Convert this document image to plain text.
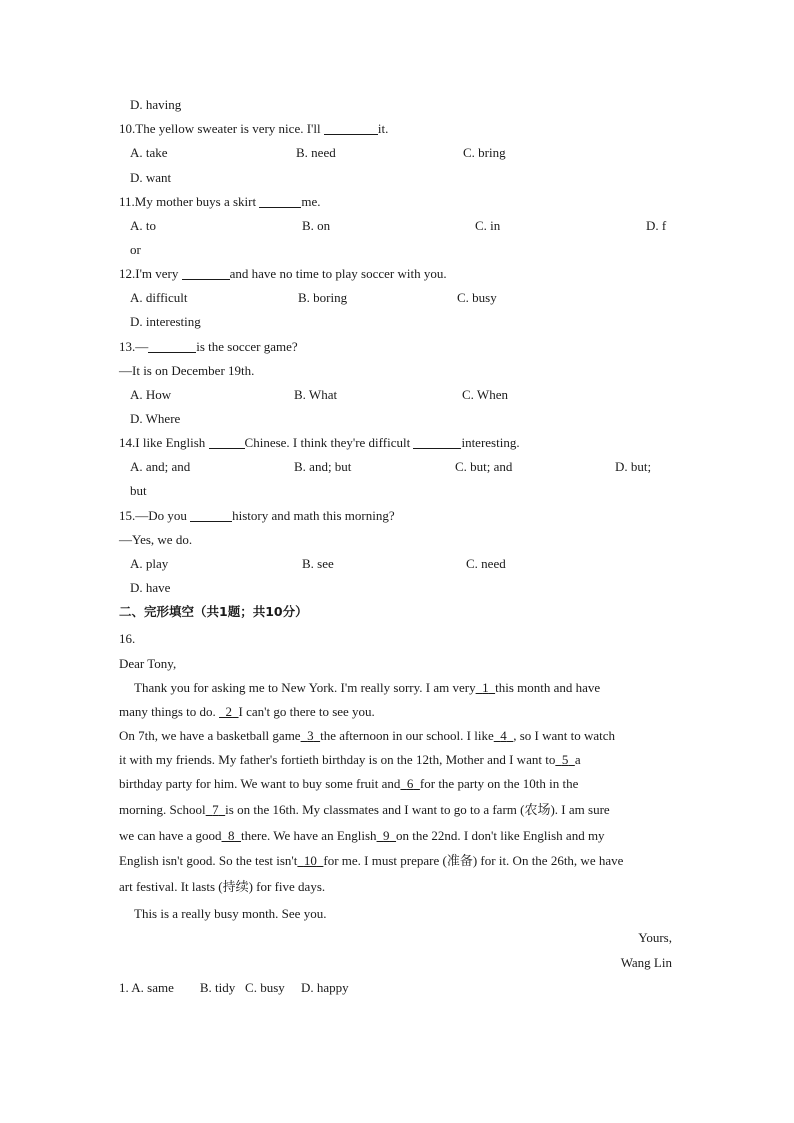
D. having
10.The yellow sweater is very nice. I'll	it.
A. take	B. need	C. bring
D. want
11.My mother buys a skirt	me.
A. to	B. on	C. in	D. f
or
12.I'm very	and have no time to play soccer with you.
A. difficult	B. boring	C. busy
D. interesting
13.—	is the soccer game?
—It is on December 19th.
A. How	B. What	C. When
D. Where
14.I like English	Chinese. I think they're difficult	interesting.
A. and; and	B. and; but	C. but; and	D. but;
but
15.—Do you	history and math this morning?
—Yes, we do.
A. play	B. see	C. need
D. have
二、完形填空（共1题；共10分）
16.
Dear Tony,
Thank you for asking me to New York. I'm really sorry. I am very 1 this month and have
many things to do. 2 I can't go there to see you.
On 7th, we have a basketball game 3 the afternoon in our school. I like 4 , so I want to watch
it with my friends. My father's fortieth birthday is on the 12th, Mother and I want to 5 a
birthday party for him. We want to buy some fruit and 6 for the party on the 10th in the
morning. School 7 is on the 16th. My classmates and I want to go to a farm (农场). I am sure
we can have a good 8 there. We have an English 9 on the 22nd. I don't like English and my
English isn't good. So the test isn't 10 for me. I must prepare (准备) for it. On the 26th, we have
art festival. It lasts (持续) for five days.
This is a really busy month. See you.
Yours,
Wang Lin
1. A. same        B. tidy   C. busy     D. happy
